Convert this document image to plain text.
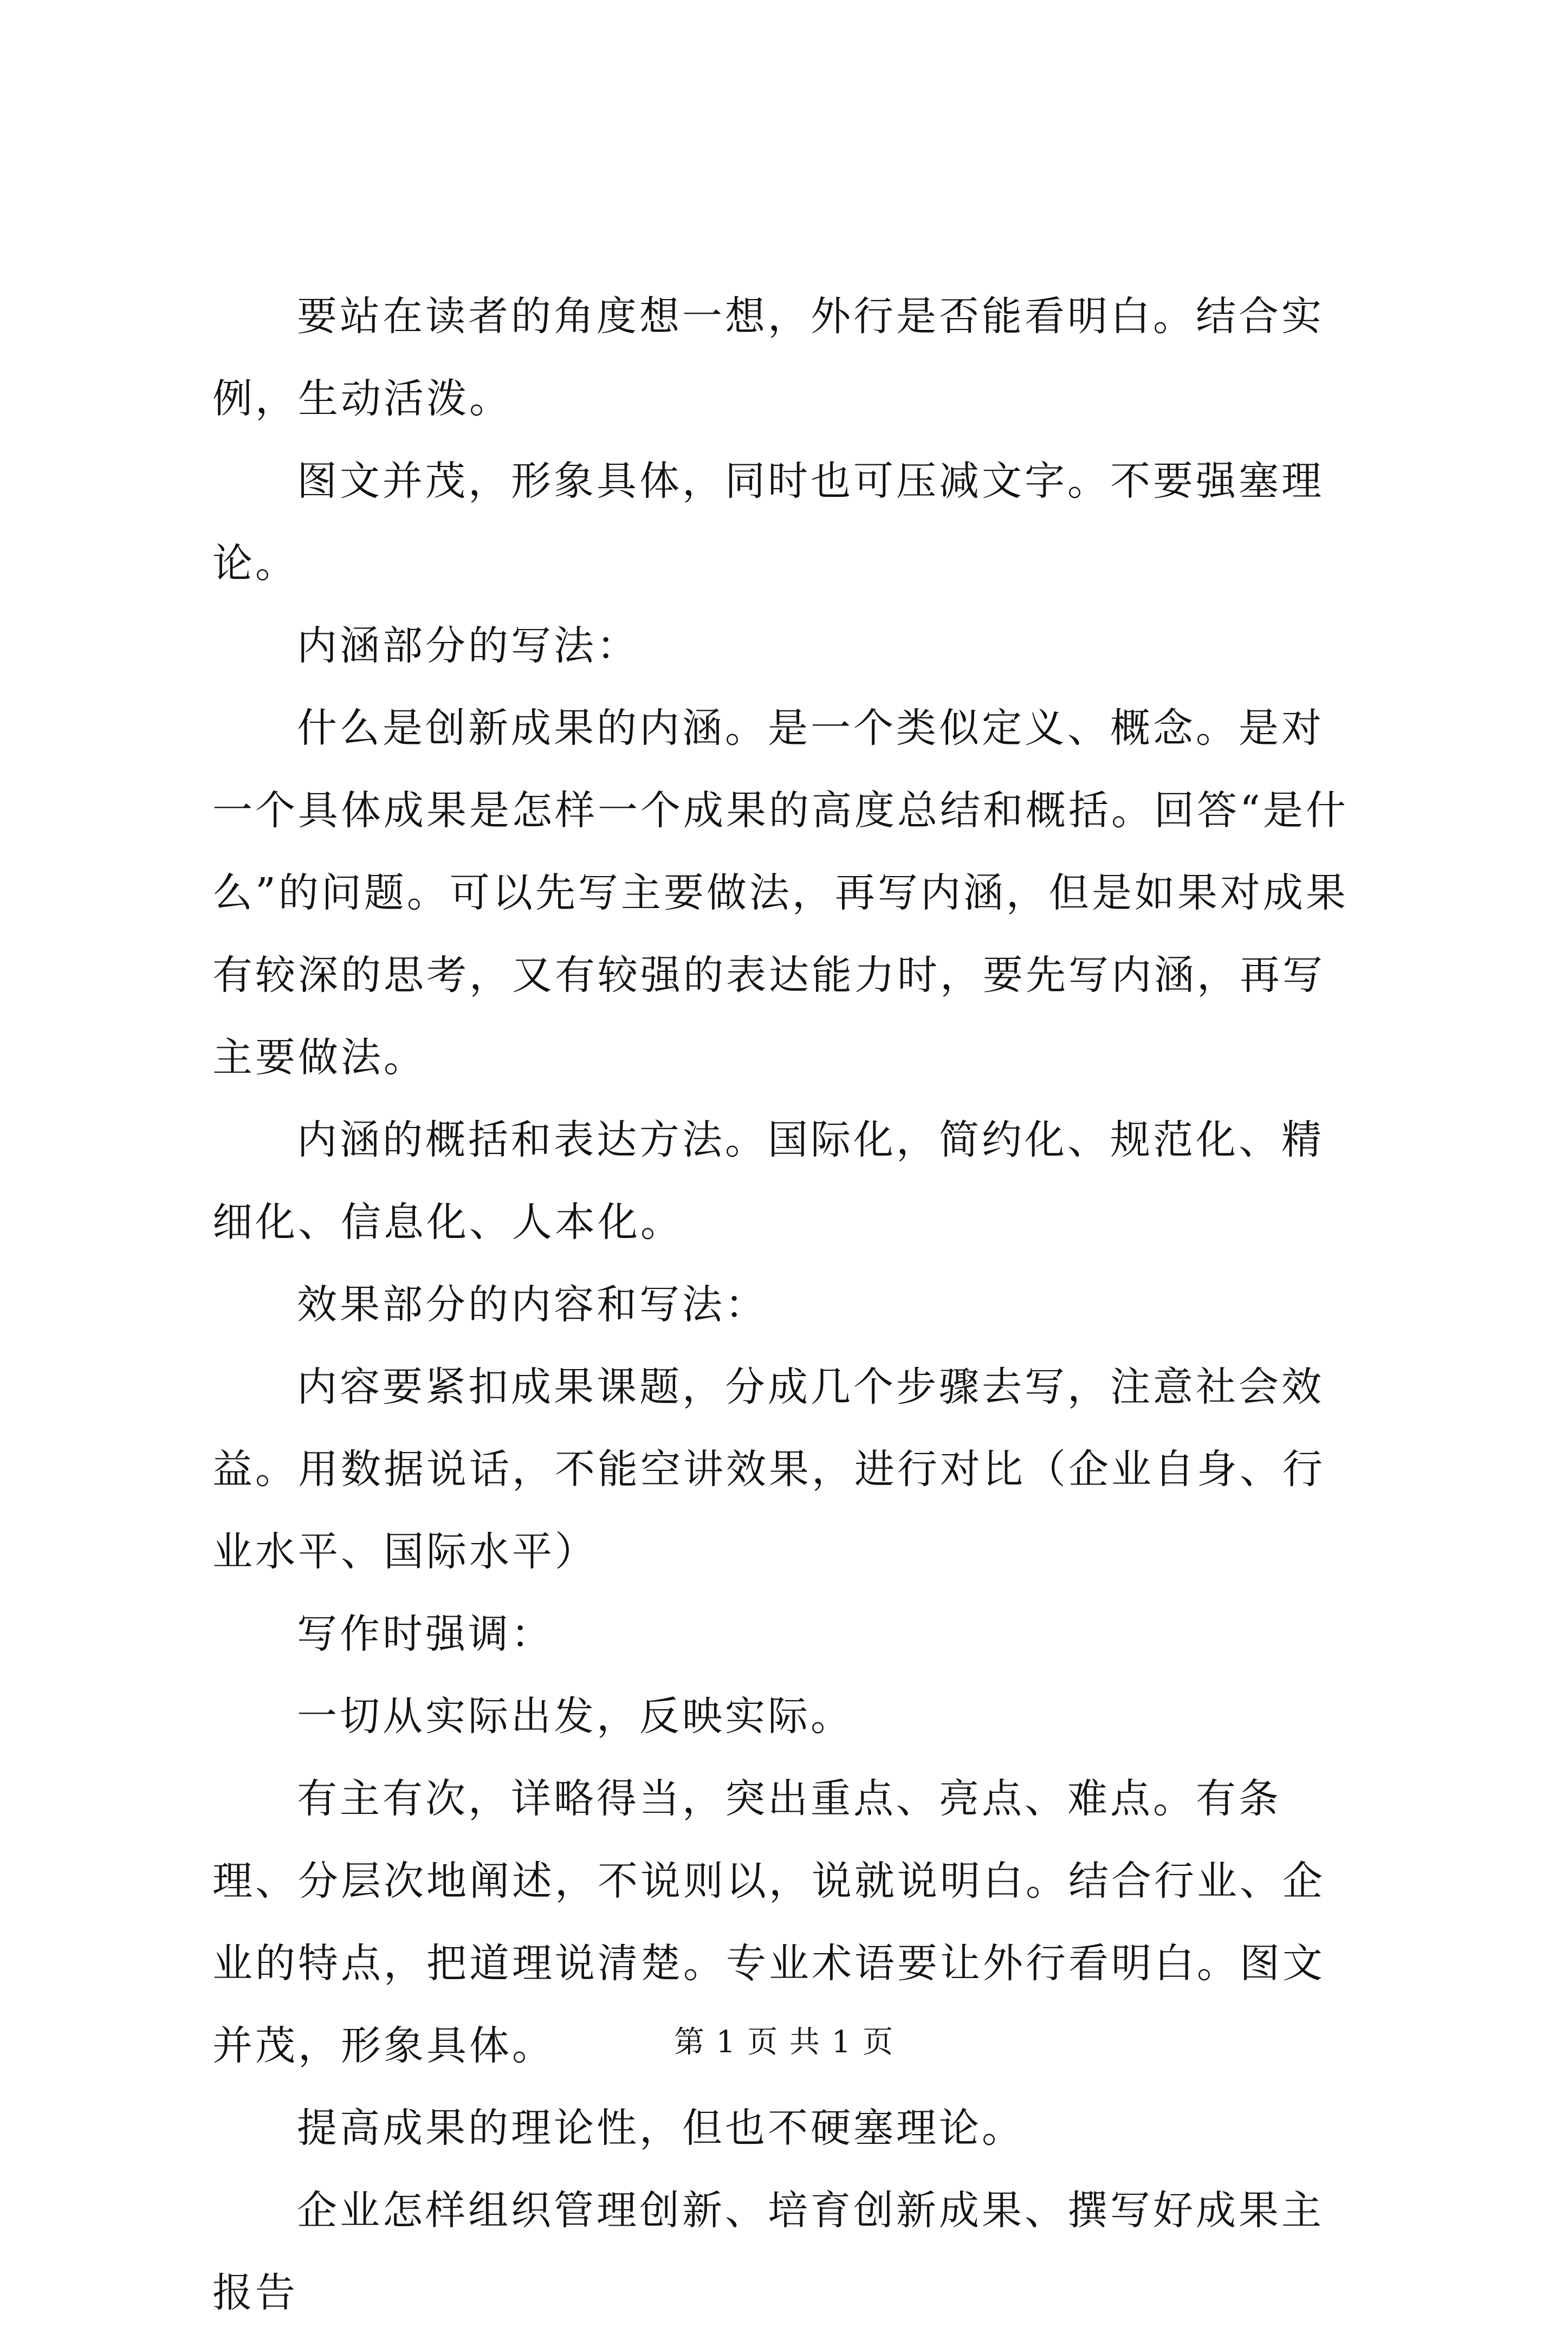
要站在读者的角度想一想，外行是否能看明白。结合实例，生动活泼。

图文并茂，形象具体，同时也可压减文字。不要强塞理论。

内涵部分的写法：

什么是创新成果的内涵。是一个类似定义、概念。是对一个具体成果是怎样一个成果的高度总结和概括。回答“是什么”的问题。可以先写主要做法，再写内涵，但是如果对成果有较深的思考，又有较强的表达能力时，要先写内涵，再写主要做法。

内涵的概括和表达方法。国际化，简约化、规范化、精细化、信息化、人本化。

效果部分的内容和写法：

内容要紧扣成果课题，分成几个步骤去写，注意社会效益。用数据说话，不能空讲效果，进行对比（企业自身、行业水平、国际水平）

写作时强调：

一切从实际出发，反映实际。

有主有次，详略得当，突出重点、亮点、难点。有条理、分层次地阐述，不说则以，说就说明白。结合行业、企业的特点，把道理说清楚。专业术语要让外行看明白。图文并茂，形象具体。

提高成果的理论性，但也不硬塞理论。

企业怎样组织管理创新、培育创新成果、撰写好成果主报告

第 1 页 共 1 页
